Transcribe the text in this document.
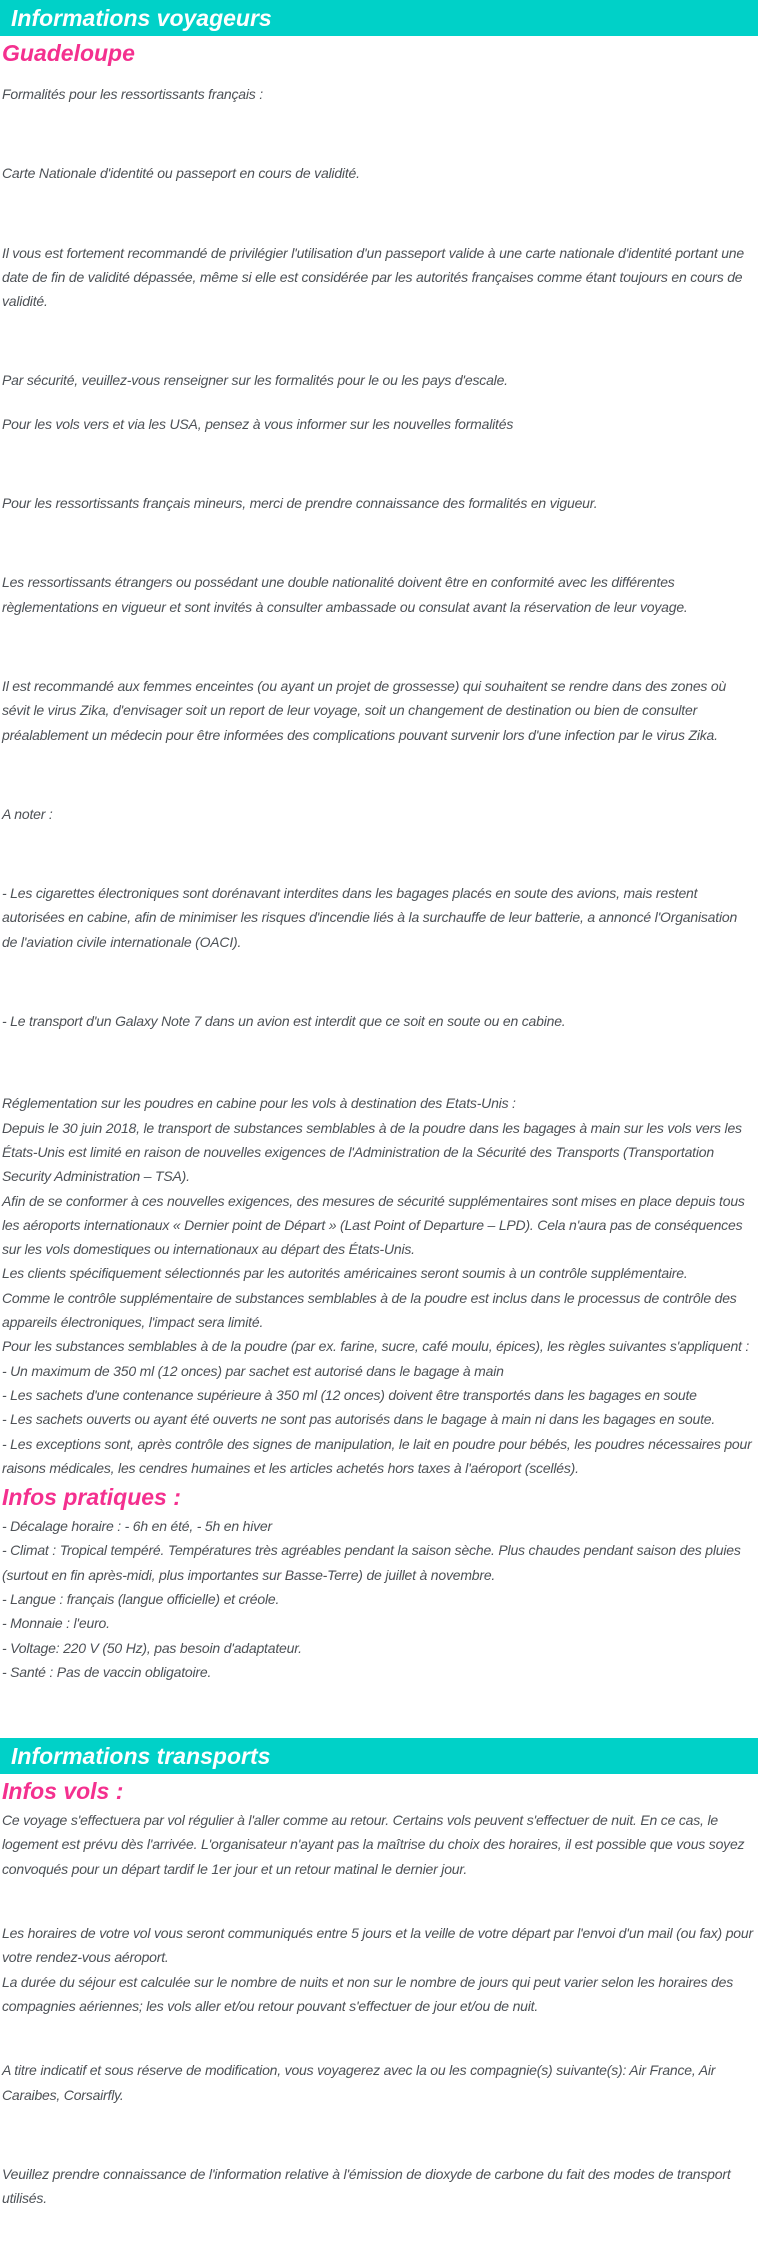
Informations voyageurs
Guadeloupe

Formalités pour les ressortissants français :

Carte Nationale d'identité ou passeport en cours de validité.

Il vous est fortement recommandé de privilégier l'utilisation d'un passeport valide à une carte nationale d'identité portant une date de fin de validité dépassée, même si elle est considérée par les autorités françaises comme étant toujours en cours de validité.

Par sécurité, veuillez-vous renseigner sur les formalités pour le ou les pays d'escale.

Pour les vols vers et via les USA, pensez à vous informer sur les nouvelles formalités

Pour les ressortissants français mineurs, merci de prendre connaissance des formalités en vigueur.

Les ressortissants étrangers ou possédant une double nationalité doivent être en conformité avec les différentes règlementations en vigueur et sont invités à consulter ambassade ou consulat avant la réservation de leur voyage.

Il est recommandé aux femmes enceintes (ou ayant un projet de grossesse) qui souhaitent se rendre dans des zones où sévit le virus Zika, d'envisager soit un report de leur voyage, soit un changement de destination ou bien de consulter préalablement un médecin pour être informées des complications pouvant survenir lors d'une infection par le virus Zika.

A noter :

- Les cigarettes électroniques sont dorénavant interdites dans les bagages placés en soute des avions, mais restent autorisées en cabine, afin de minimiser les risques d'incendie liés à la surchauffe de leur batterie, a annoncé l'Organisation de l'aviation civile internationale (OACI).

- Le transport d'un Galaxy Note 7 dans un avion est interdit que ce soit en soute ou en cabine.

Réglementation sur les poudres en cabine pour les vols à destination des Etats-Unis :
Depuis le 30 juin 2018, le transport de substances semblables à de la poudre dans les bagages à main sur les vols vers les États-Unis est limité en raison de nouvelles exigences de l'Administration de la Sécurité des Transports (Transportation Security Administration – TSA).
Afin de se conformer à ces nouvelles exigences, des mesures de sécurité supplémentaires sont mises en place depuis tous les aéroports internationaux « Dernier point de Départ » (Last Point of Departure – LPD). Cela n'aura pas de conséquences sur les vols domestiques ou internationaux au départ des États-Unis.
Les clients spécifiquement sélectionnés par les autorités américaines seront soumis à un contrôle supplémentaire.
Comme le contrôle supplémentaire de substances semblables à de la poudre est inclus dans le processus de contrôle des appareils électroniques, l'impact sera limité.
Pour les substances semblables à de la poudre (par ex. farine, sucre, café moulu, épices), les règles suivantes s'appliquent :
- Un maximum de 350 ml (12 onces) par sachet est autorisé dans le bagage à main
- Les sachets d'une contenance supérieure à 350 ml (12 onces) doivent être transportés dans les bagages en soute
- Les sachets ouverts ou ayant été ouverts ne sont pas autorisés dans le bagage à main ni dans les bagages en soute.
- Les exceptions sont, après contrôle des signes de manipulation, le lait en poudre pour bébés, les poudres nécessaires pour raisons médicales, les cendres humaines et les articles achetés hors taxes à l'aéroport (scellés).
Infos pratiques :
- Décalage horaire : - 6h en été, - 5h en hiver
- Climat : Tropical tempéré. Températures très agréables pendant la saison sèche. Plus chaudes pendant saison des pluies (surtout en fin après-midi, plus importantes sur Basse-Terre) de juillet à novembre.
- Langue : français (langue officielle) et créole.
- Monnaie : l'euro.
- Voltage: 220 V (50 Hz), pas besoin d'adaptateur.
- Santé : Pas de vaccin obligatoire.
Informations transports
Infos vols :

Ce voyage s'effectuera par vol régulier à l'aller comme au retour. Certains vols peuvent s'effectuer de nuit. En ce cas, le logement est prévu dès l'arrivée. L'organisateur n'ayant pas la maîtrise du choix des horaires, il est possible que vous soyez convoqués pour un départ tardif le 1er jour et un retour matinal le dernier jour.

Les horaires de votre vol vous seront communiqués entre 5 jours et la veille de votre départ par l'envoi d'un mail (ou fax) pour votre rendez-vous aéroport.

La durée du séjour est calculée sur le nombre de nuits et non sur le nombre de jours qui peut varier selon les horaires des compagnies aériennes; les vols aller et/ou retour pouvant s'effectuer de jour et/ou de nuit.

A titre indicatif et sous réserve de modification, vous voyagerez avec la ou les compagnie(s) suivante(s): Air France, Air Caraibes, Corsairfly.

Veuillez prendre connaissance de l'information relative à l'émission de dioxyde de carbone du fait des modes de transport utilisés.
